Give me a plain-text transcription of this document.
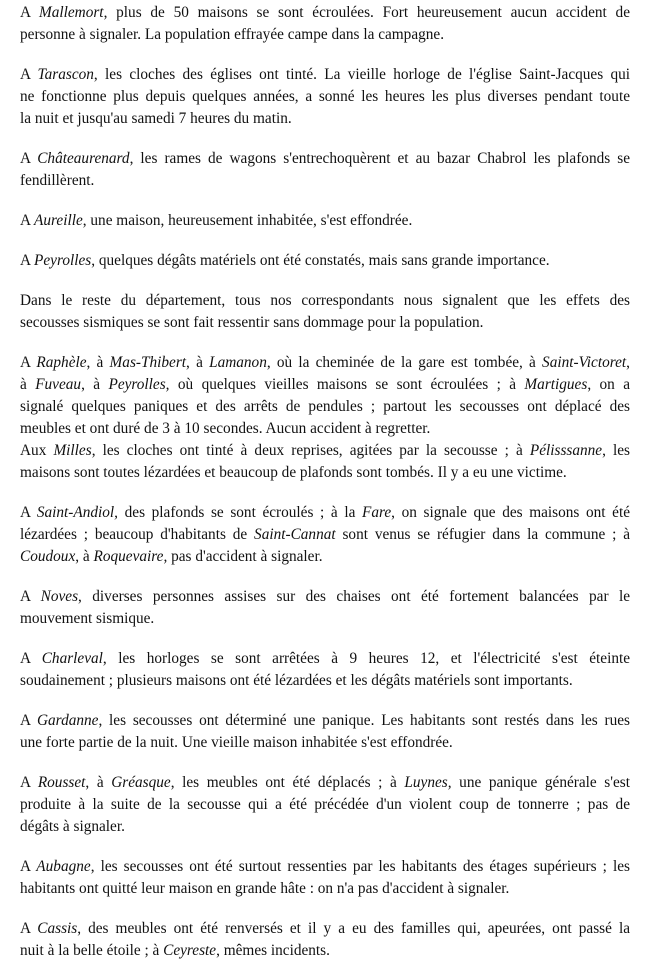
A Mallemort, plus de 50 maisons se sont écroulées. Fort heureusement aucun accident de
personne à signaler. La population effrayée campe dans la campagne.

A Tarascon, les cloches des églises ont tinté. La vieille horloge de l'église Saint-Jacques qui
ne fonctionne plus depuis quelques années, a sonné les heures les plus diverses pendant toute
la nuit et jusqu'au samedi 7 heures du matin.

A Châteaurenard, les rames de wagons s'entrechoquèrent et au bazar Chabrol les plafonds se
fendillèrent.

A Aureille, une maison, heureusement inhabitée, s'est effondrée.

A Peyrolles, quelques dégâts matériels ont été constatés, mais sans grande importance.

Dans le reste du département, tous nos correspondants nous signalent que les effets des
secousses sismiques se sont fait ressentir sans dommage pour la population.

A Raphèle, à Mas-Thibert, à Lamanon, où la cheminée de la gare est tombée, à Saint-Victoret,
à Fuveau, à Peyrolles, où quelques vieilles maisons se sont écroulées ; à Martigues, on a
signalé quelques paniques et des arrêts de pendules ; partout les secousses ont déplacé des
meubles et ont duré de 3 à 10 secondes. Aucun accident à regretter.

Aux Milles, les cloches ont tinté à deux reprises, agitées par la secousse ; à Pélisssanne, les
maisons sont toutes lézardées et beaucoup de plafonds sont tombés. Il y a eu une victime.

A Saint-Andiol, des plafonds se sont écroulés ; à la Fare, on signale que des maisons ont été
lézardées ; beaucoup d'habitants de Saint-Cannat sont venus se réfugier dans la commune ; à
Coudoux, à Roquevaire, pas d'accident à signaler.

A Noves, diverses personnes assises sur des chaises ont été fortement balancées par le
mouvement sismique.

A Charleval, les horloges se sont arrêtées à 9 heures 12, et l'électricité s'est éteinte
soudainement ; plusieurs maisons ont été lézardées et les dégâts matériels sont importants.

A Gardanne, les secousses ont déterminé une panique. Les habitants sont restés dans les rues
une forte partie de la nuit. Une vieille maison inhabitée s'est effondrée.

A Rousset, à Gréasque, les meubles ont été déplacés ; à Luynes, une panique générale s'est
produite à la suite de la secousse qui a été précédée d'un violent coup de tonnerre ; pas de
dégâts à signaler.

A Aubagne, les secousses ont été surtout ressenties par les habitants des étages supérieurs ; les
habitants ont quitté leur maison en grande hâte : on n'a pas d'accident à signaler.

A Cassis, des meubles ont été renversés et il y a eu des familles qui, apeurées, ont passé la
nuit à la belle étoile ; à Ceyreste, mêmes incidents.
